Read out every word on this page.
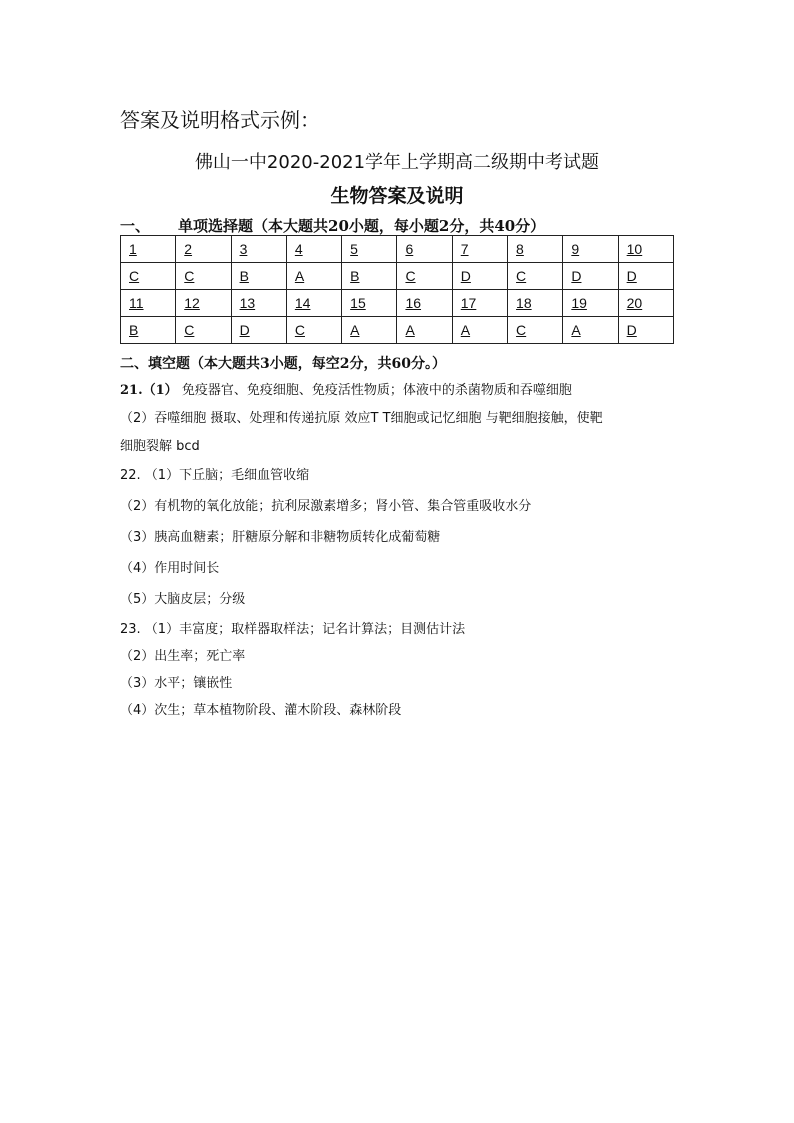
答案及说明格式示例：
佛山一中2020-2021学年上学期高二级期中考试题
生物答案及说明
一、 单项选择题（本大题共20小题，每小题2分，共40分）
1	2	3	4	5	6	7	8	9	10
C	C	B	A	B	C	D	C	D	D
11	12	13	14	15	16	17	18	19	20
B	C	D	C	A	A	A	C	A	D
二、填空题（本大题共3小题，每空2分，共60分。）
21.（1） 免疫器官、免疫细胞、免疫活性物质；体液中的杀菌物质和吞噬细胞
（2）吞噬细胞 摄取、处理和传递抗原 效应T T细胞或记忆细胞 与靶细胞接触，使靶
细胞裂解 bcd
22. （1）下丘脑；毛细血管收缩
（2）有机物的氧化放能；抗利尿激素增多；肾小管、集合管重吸收水分
（3）胰高血糖素；肝糖原分解和非糖物质转化成葡萄糖
（4）作用时间长
（5）大脑皮层；分级
23. （1）丰富度；取样器取样法；记名计算法；目测估计法
（2）出生率；死亡率
（3）水平；镶嵌性
（4）次生；草本植物阶段、灌木阶段、森林阶段
